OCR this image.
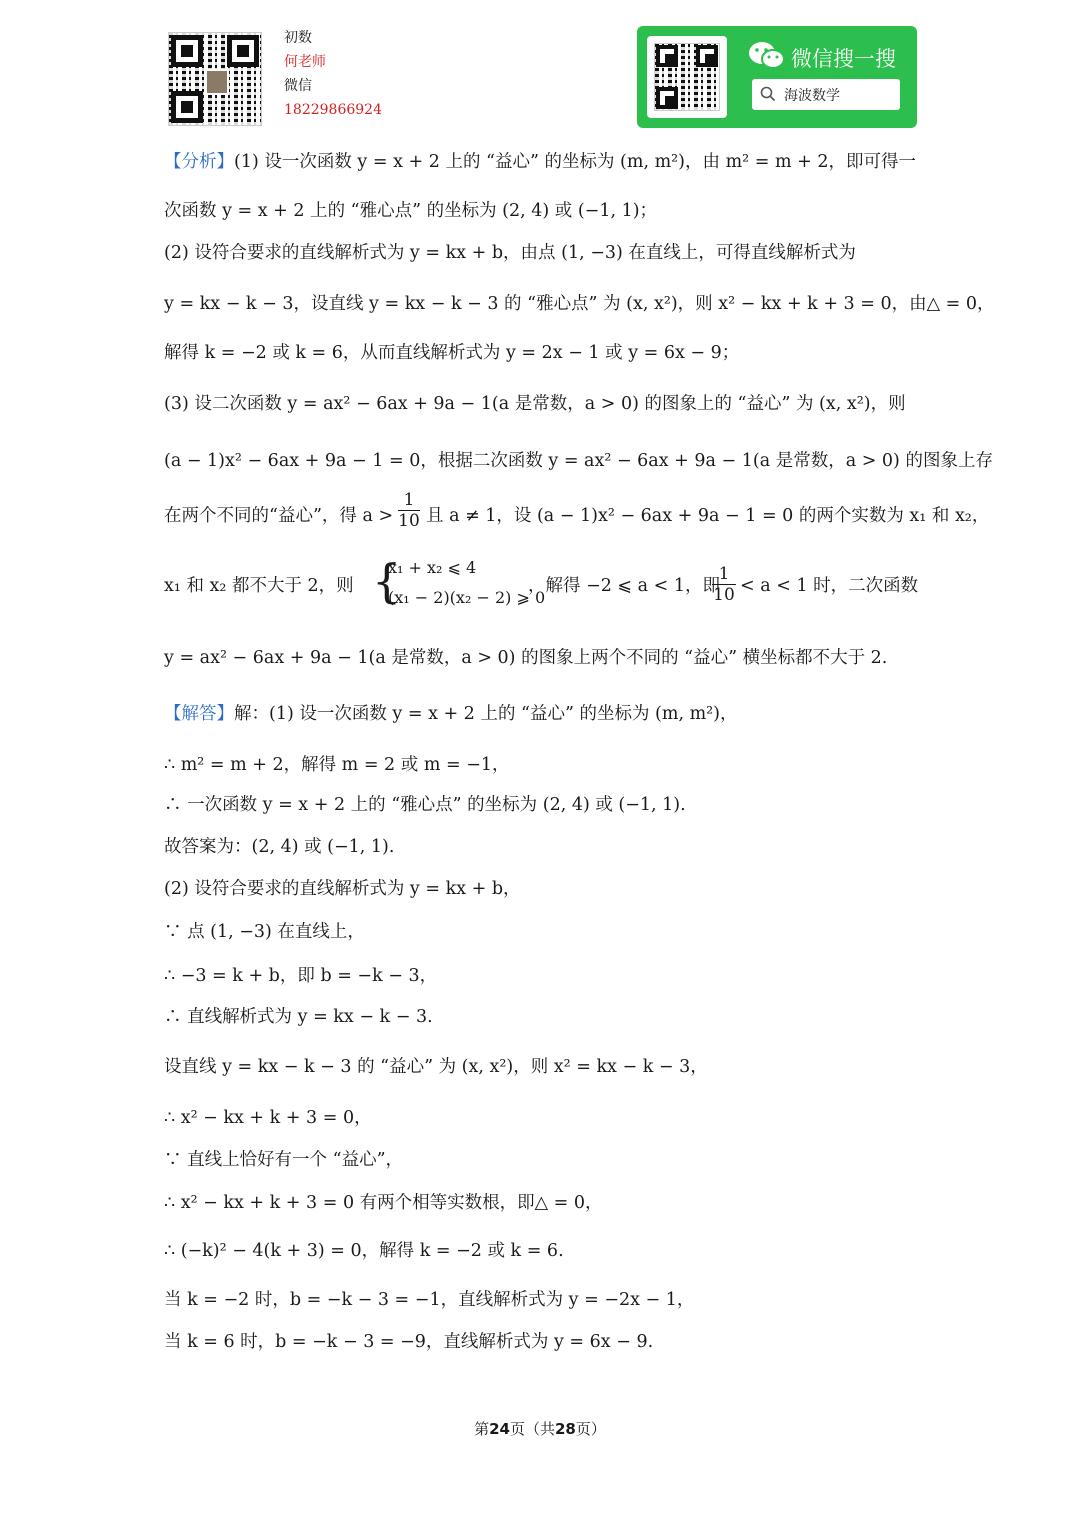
初数
何老师
微信
18229866924
微信搜一搜
海波数学
【分析】(1) 设一次函数 y = x + 2 上的 “益心” 的坐标为 (m, m²)，由 m² = m + 2，即可得一
次函数 y = x + 2 上的 “雅心点” 的坐标为 (2, 4) 或 (−1, 1)；
(2) 设符合要求的直线解析式为 y = kx + b，由点 (1, −3) 在直线上，可得直线解析式为
y = kx − k − 3，设直线 y = kx − k − 3 的 “雅心点” 为 (x, x²)，则 x² − kx + k + 3 = 0，由△ = 0，
解得 k = −2 或 k = 6，从而直线解析式为 y = 2x − 1 或 y = 6x − 9；
(3) 设二次函数 y = ax² − 6ax + 9a − 1(a 是常数，a > 0) 的图象上的 “益心” 为 (x, x²)，则
(a − 1)x² − 6ax + 9a − 1 = 0，根据二次函数 y = ax² − 6ax + 9a − 1(a 是常数，a > 0) 的图象上存
在两个不同的“益心”，得 $a > \frac{1}{10}$ 且 a ≠ 1，设 (a − 1)x² − 6ax + 9a − 1 = 0 的两个实数为 x₁ 和 x₂，
x₁ 和 x₂ 都不大于 2，则 {
x₁ + x₂ ⩽ 4
(x₁ − 2)(x₂ − 2) ⩾ 0
，解得 −2 ⩽ a < 1，即
$\frac{1}{10} < a < 1$ 时，二次函数
y = ax² − 6ax + 9a − 1(a 是常数，a > 0) 的图象上两个不同的 “益心” 横坐标都不大于 2.
【解答】解：(1) 设一次函数 y = x + 2 上的 “益心” 的坐标为 (m, m²)，
∴ m² = m + 2，解得 m = 2 或 m = −1，
∴ 一次函数 y = x + 2 上的 “雅心点” 的坐标为 (2, 4) 或 (−1, 1).
故答案为：(2, 4) 或 (−1, 1).
(2) 设符合要求的直线解析式为 y = kx + b，
∵ 点 (1, −3) 在直线上，
∴ −3 = k + b，即 b = −k − 3，
∴ 直线解析式为 y = kx − k − 3.
设直线 y = kx − k − 3 的 “益心” 为 (x, x²)，则 x² = kx − k − 3，
∴ x² − kx + k + 3 = 0，
∵ 直线上恰好有一个 “益心”，
∴ x² − kx + k + 3 = 0 有两个相等实数根，即△ = 0，
∴ (−k)² − 4(k + 3) = 0，解得 k = −2 或 k = 6.
当 k = −2 时，b = −k − 3 = −1，直线解析式为 y = −2x − 1，
当 k = 6 时，b = −k − 3 = −9，直线解析式为 y = 6x − 9.
第24页（共28页）
